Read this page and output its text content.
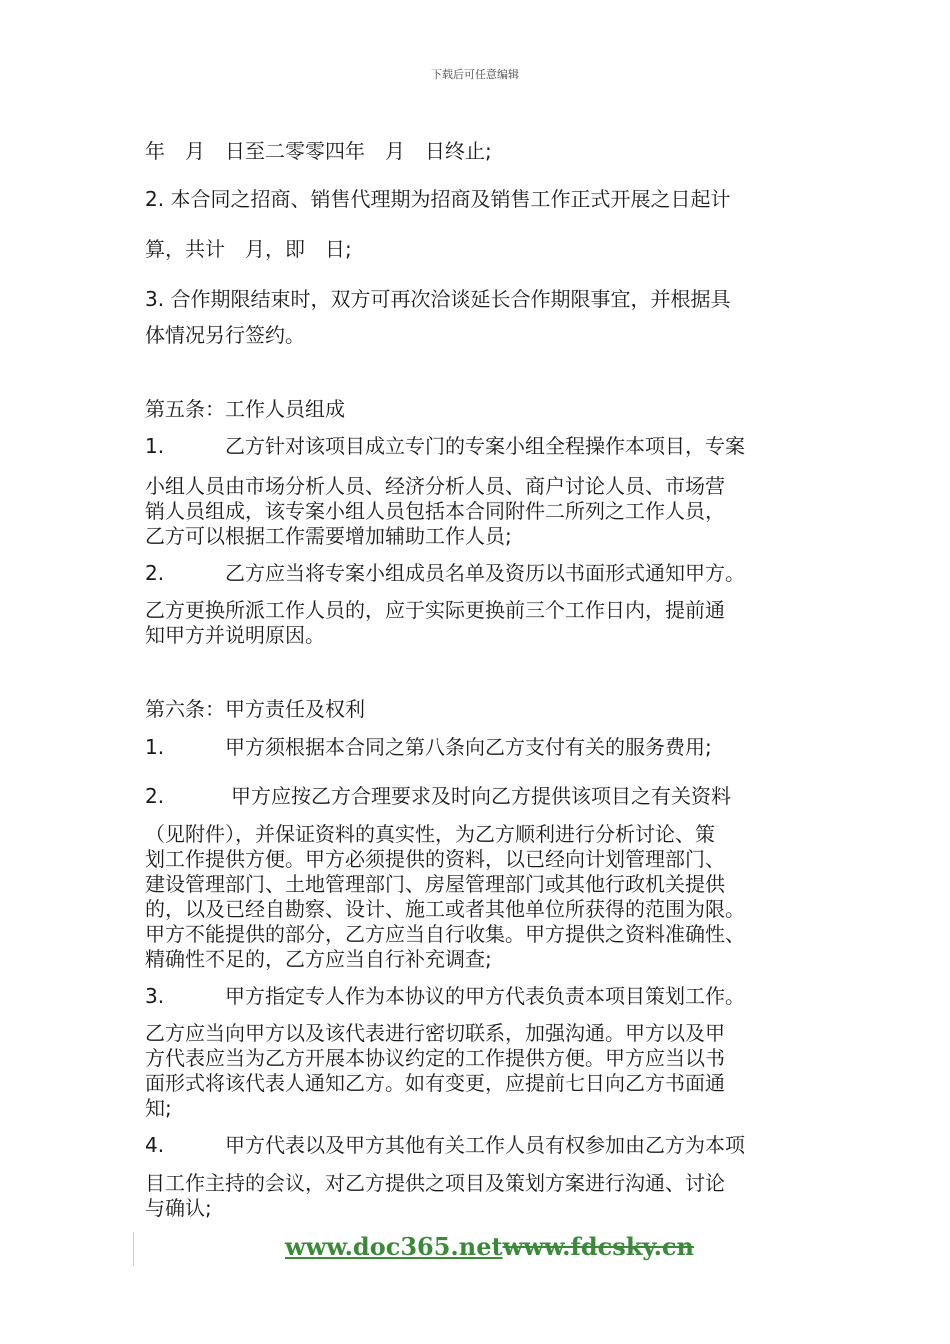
下载后可任意编辑

年　月　日至二零零四年　月　日终止;

2. 本合同之招商、销售代理期为招商及销售工作正式开展之日起计

算，共计　月，即　日;

3. 合作期限结束时，双方可再次洽谈延长合作期限事宜，并根据具

体情况另行签约。

第五条：工作人员组成

1.	乙方针对该项目成立专门的专案小组全程操作本项目，专案

小组人员由市场分析人员、经济分析人员、商户讨论人员、市场营

销人员组成，该专案小组人员包括本合同附件二所列之工作人员，

乙方可以根据工作需要增加辅助工作人员;

2.	乙方应当将专案小组成员名单及资历以书面形式通知甲方。

乙方更换所派工作人员的，应于实际更换前三个工作日内，提前通

知甲方并说明原因。

第六条：甲方责任及权利

1.	甲方须根据本合同之第八条向乙方支付有关的服务费用;

2.	甲方应按乙方合理要求及时向乙方提供该项目之有关资料

（见附件），并保证资料的真实性，为乙方顺利进行分析讨论、策

划工作提供方便。甲方必须提供的资料，以已经向计划管理部门、

建设管理部门、土地管理部门、房屋管理部门或其他行政机关提供

的，以及已经自勘察、设计、施工或者其他单位所获得的范围为限。

甲方不能提供的部分，乙方应当自行收集。甲方提供之资料准确性、

精确性不足的，乙方应当自行补充调查;

3.	甲方指定专人作为本协议的甲方代表负责本项目策划工作。

乙方应当向甲方以及该代表进行密切联系，加强沟通。甲方以及甲

方代表应当为乙方开展本协议约定的工作提供方便。甲方应当以书

面形式将该代表人通知乙方。如有变更，应提前七日向乙方书面通

知;

4.	甲方代表以及甲方其他有关工作人员有权参加由乙方为本项

目工作主持的会议，对乙方提供之项目及策划方案进行沟通、讨论

与确认;

www.doc365.netwww.fdcsky.cn
